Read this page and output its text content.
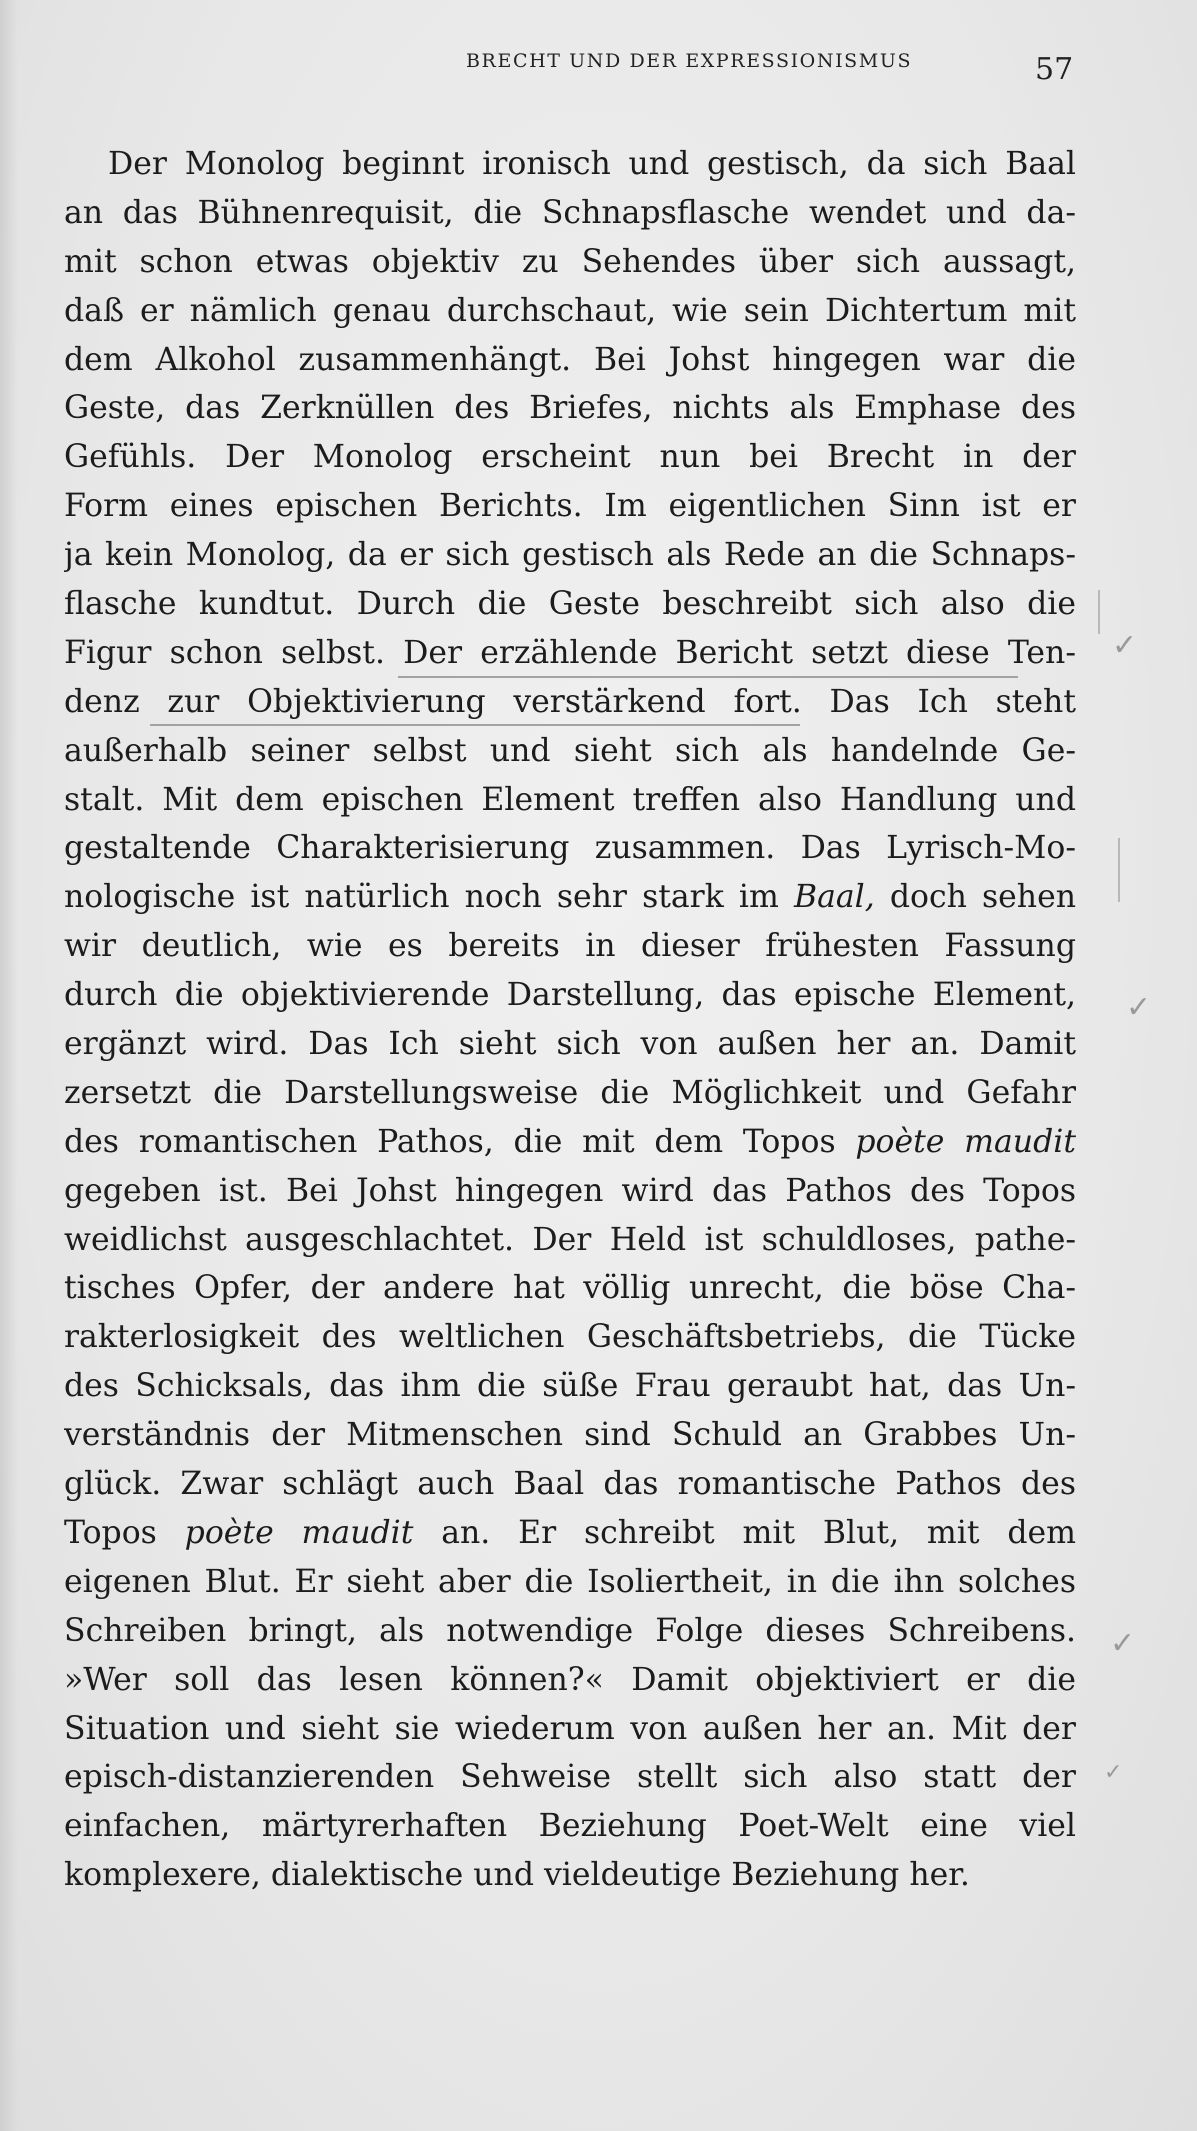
BRECHT UND DER EXPRESSIONISMUS	57
Der Monolog beginnt ironisch und gestisch, da sich Baal
an das Bühnenrequisit, die Schnapsflasche wendet und da-
mit schon etwas objektiv zu Sehendes über sich aussagt,
daß er nämlich genau durchschaut, wie sein Dichtertum mit
dem Alkohol zusammenhängt. Bei Johst hingegen war die
Geste, das Zerknüllen des Briefes, nichts als Emphase des
Gefühls. Der Monolog erscheint nun bei Brecht in der
Form eines epischen Berichts. Im eigentlichen Sinn ist er
ja kein Monolog, da er sich gestisch als Rede an die Schnaps-
flasche kundtut. Durch die Geste beschreibt sich also die
Figur schon selbst. Der erzählende Bericht setzt diese Ten-
denz zur Objektivierung verstärkend fort. Das Ich steht
außerhalb seiner selbst und sieht sich als handelnde Ge-
stalt. Mit dem epischen Element treffen also Handlung und
gestaltende Charakterisierung zusammen. Das Lyrisch-Mo-
nologische ist natürlich noch sehr stark im Baal, doch sehen
wir deutlich, wie es bereits in dieser frühesten Fassung
durch die objektivierende Darstellung, das epische Element,
ergänzt wird. Das Ich sieht sich von außen her an. Damit
zersetzt die Darstellungsweise die Möglichkeit und Gefahr
des romantischen Pathos, die mit dem Topos poète maudit
gegeben ist. Bei Johst hingegen wird das Pathos des Topos
weidlichst ausgeschlachtet. Der Held ist schuldloses, pathe-
tisches Opfer, der andere hat völlig unrecht, die böse Cha-
rakterlosigkeit des weltlichen Geschäftsbetriebs, die Tücke
des Schicksals, das ihm die süße Frau geraubt hat, das Un-
verständnis der Mitmenschen sind Schuld an Grabbes Un-
glück. Zwar schlägt auch Baal das romantische Pathos des
Topos poète maudit an. Er schreibt mit Blut, mit dem
eigenen Blut. Er sieht aber die Isoliertheit, in die ihn solches
Schreiben bringt, als notwendige Folge dieses Schreibens.
»Wer soll das lesen können?« Damit objektiviert er die
Situation und sieht sie wiederum von außen her an. Mit der
episch-distanzierenden Sehweise stellt sich also statt der
einfachen, märtyrerhaften Beziehung Poet-Welt eine viel
komplexere, dialektische und vieldeutige Beziehung her.
✓
✓
✓
✓
